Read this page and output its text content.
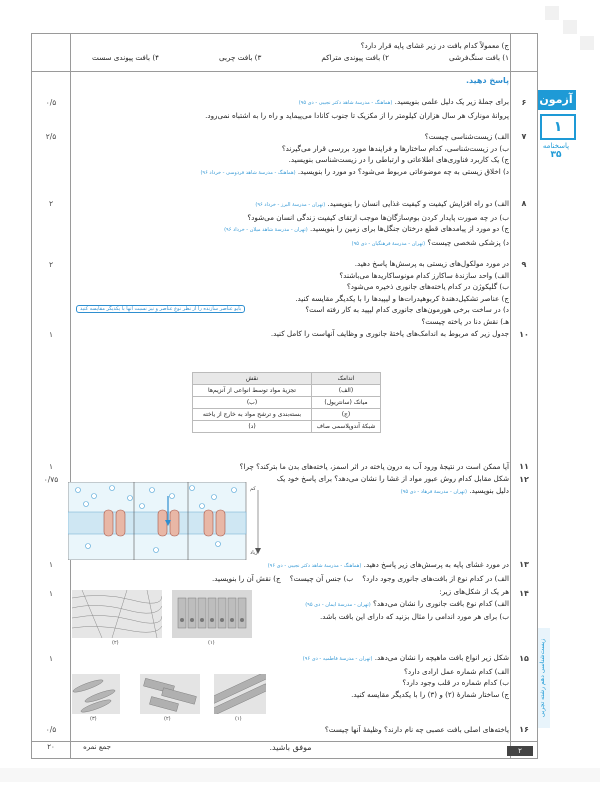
آزمون
۱
پاسخنامه
۳۵
زیست‌شناسی دهم رشته تجربی

ج) معمولاً کدام بافت در زیر غشای پایه قرار دارد؟

۱) بافت سنگ‌فرشی
۲) بافت پیوندی متراکم
۳) بافت چربی
۴) بافت پیوندی سست

پاسخ دهید.

۶
۰/۵	برای جملهٔ زیر یک دلیل علمی بنویسید. (هماهنگ - مدرسهٔ شاهد دکتر نجیبی - دی ۹۵)

پروانهٔ مونارک هر سال هزاران کیلومتر را از مکزیک تا جنوب کانادا می‌پیماید و راه را به اشتباه نمی‌رود.

۷
۲/۵	الف) زیست‌شناسی چیست؟

ب) در زیست‌شناسی، کدام ساختارها و فرایندها مورد بررسی قرار می‌گیرند؟

ج) یک کاربرد فناوری‌های اطلاعاتی و ارتباطی را در زیست‌شناسی بنویسید.

د) اخلاق زیستی به چه موضوعاتی مربوط می‌شود؟ دو مورد را بنویسید. (هماهنگ - مدرسهٔ شاهد فردوسی - خرداد ۹۶)

۸
۲	الف) دو راه افزایش کیفیت و کیفیت غذایی انسان را بنویسید. (تهران - مدرسهٔ البرز - خرداد ۹۶)

ب) در چه صورت پایدار کردن بوم‌سازگان‌ها موجب ارتقای کیفیت زندگی انسان می‌شود؟

ج) دو مورد از پیامدهای قطع درختان جنگل‌ها برای زمین را بنویسید. (تهران - مدرسهٔ شاهد میلان - خرداد ۹۶)

د) پزشکی شخصی چیست؟ (تهران - مدرسهٔ فرهنگیان - دی ۹۵)

۹
۲	در مورد مولکول‌های زیستی به پرسش‌ها پاسخ دهید.

الف) واحد سازندهٔ ساکارز کدام مونوساکاریدها می‌باشند؟

ب) گلیکوژن در کدام یاخته‌های جانوری ذخیره می‌شود؟

ج) عناصر تشکیل‌دهندهٔ کربوهیدرات‌ها و لیپیدها را با یکدیگر مقایسه کنید.

د) در ساخت برخی هورمون‌های جانوری کدام لیپید به کار رفته است؟

هـ) نقش دنا در یاخته چیست؟

بایو عناصر سازنده را از نظر نوع عناصر و نیز نسبت آنها با یکدیگر مقایسه کنید
۱۰
۱	جدول زیر که مربوط به اندامک‌های یاختهٔ جانوری و وظایف آنهاست را کامل کنید.

اندامک	نقش
(الف)	تجزیهٔ مواد توسط انواعی از آنزیم‌ها
میانک (سانتریول)	(ب)
(ج)	بسته‌بندی و ترشح مواد به خارج از یاخته
شبکهٔ آندوپلاسمی صاف	(د)
۱۱
۱	آیا ممکن است در نتیجهٔ ورود آب به درون یاخته در اثر اسمز، یاخته‌های بدن ما بترکند؟ چرا؟

۱۲
۰/۷۵	شکل مقابل کدام روش عبور مواد از غشا را نشان می‌دهد؟ برای پاسخ خود یک

دلیل بنویسید. (تهران - مدرسهٔ فرهاد - دی ۹۵)

کم
زیاد
۱۳
۱	در مورد غشای پایه به پرسش‌های زیر پاسخ دهید. (هماهنگ - مدرسهٔ شاهد دکتر نجیبی - دی ۹۶)

الف) در کدام نوع از بافت‌های جانوری وجود دارد؟    ب) جنس آن چیست؟    ج) نقش آن را بنویسید.

۱۴
۱	هر یک از شکل‌های زیر:

الف) کدام نوع بافت جانوری را نشان می‌دهد؟ (تهران - مدرسهٔ ایمان - دی ۹۵)

ب) برای هر مورد اندامی را مثال بزنید که دارای این بافت باشد.

(۲)	(۱)
۱۵
۱	شکل زیر انواع بافت ماهیچه را نشان می‌دهد. (تهران - مدرسهٔ فاطمیه - دی ۹۶)

الف) کدام شماره عمل ارادی دارد؟

ب) کدام شماره در قلب وجود دارد؟

ج) ساختار شمارهٔ (۲) و (۳) را با یکدیگر مقایسه کنید.

(۳)	(۲)	(۱)
۱۶
۰/۵	یاخته‌های اصلی بافت عصبی چه نام دارند؟ وظیفهٔ آنها چیست؟

۲۰	جمع نمره	موفق باشید.	۲
